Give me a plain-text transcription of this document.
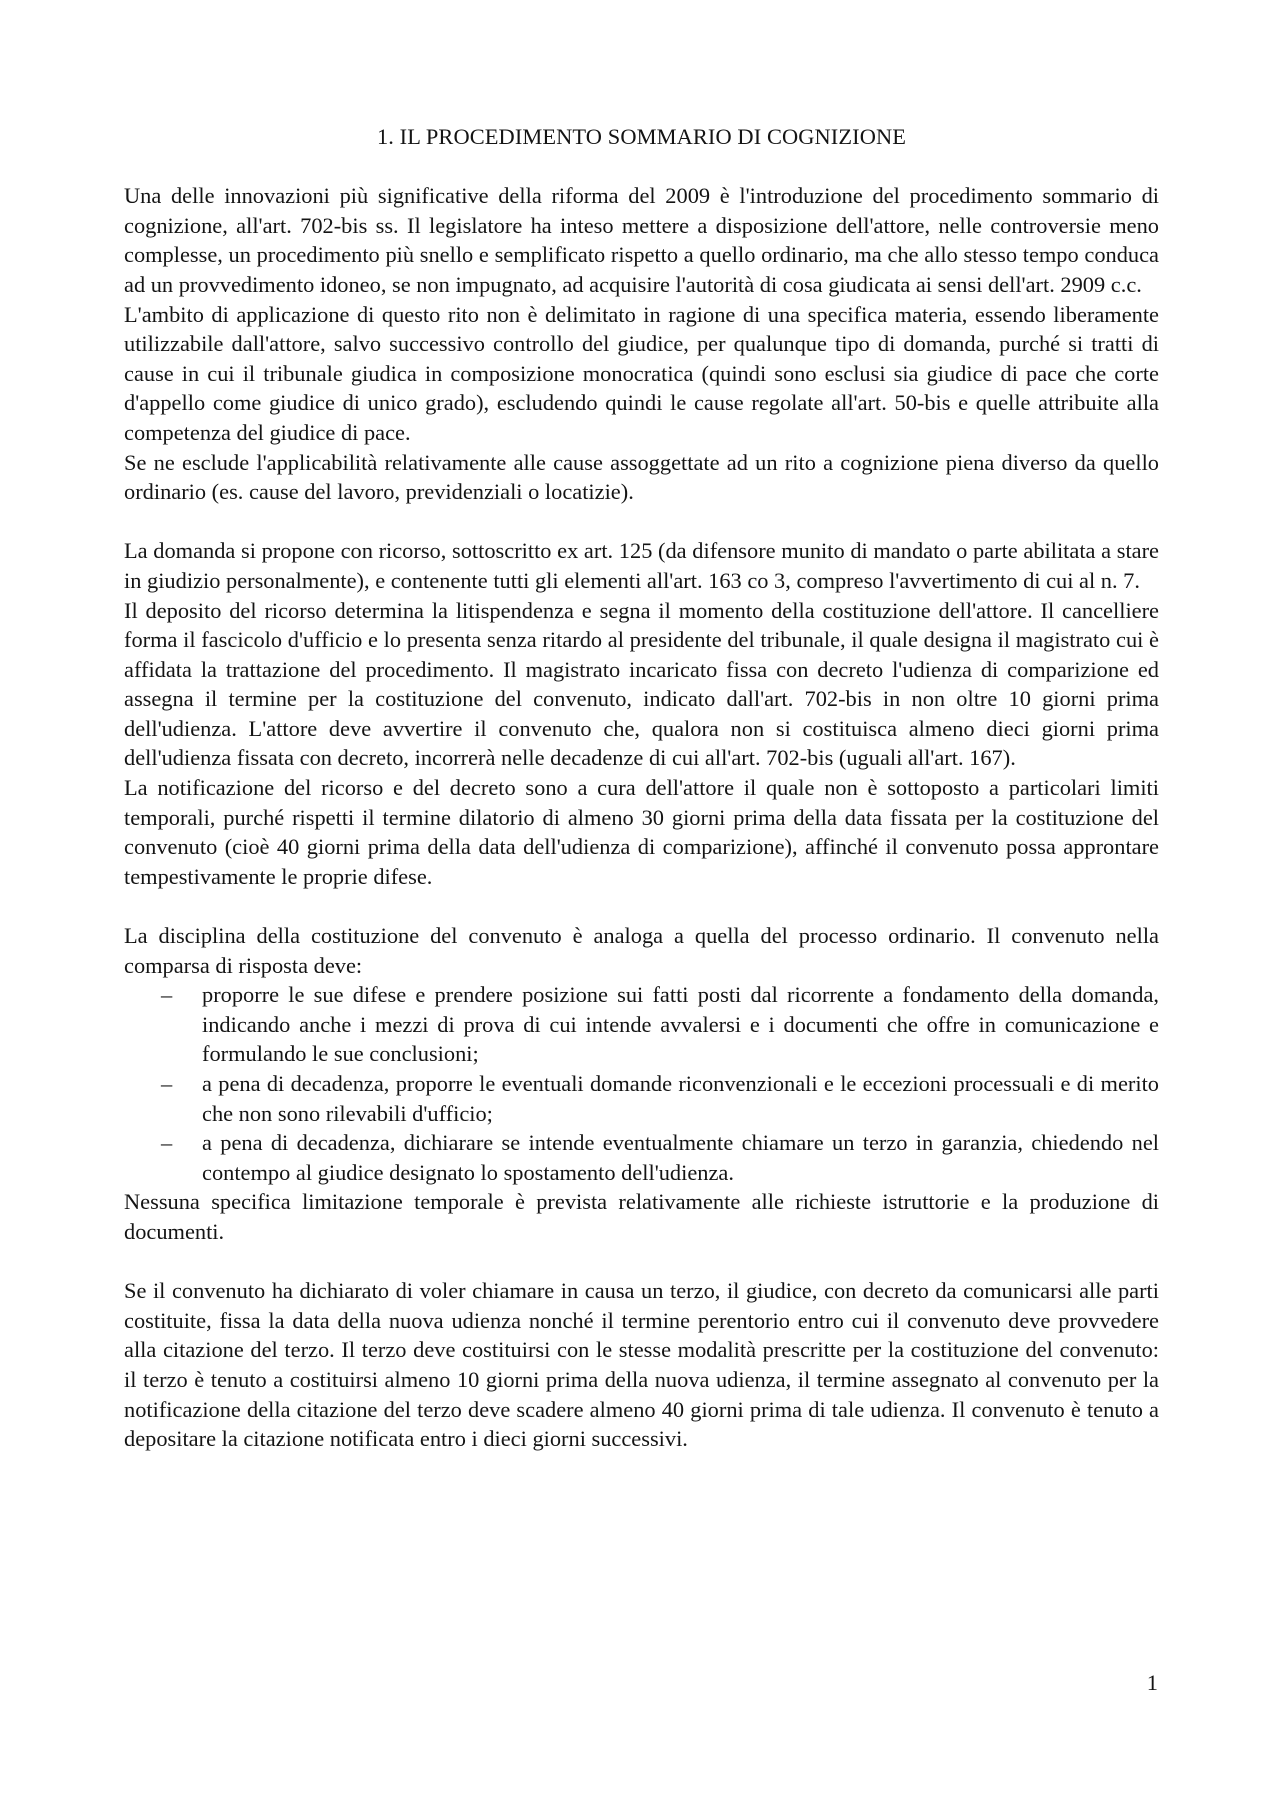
1. IL PROCEDIMENTO SOMMARIO DI COGNIZIONE

Una delle innovazioni più significative della riforma del 2009 è l'introduzione del procedimento sommario di cognizione, all'art. 702-bis ss. Il legislatore ha inteso mettere a disposizione dell'attore, nelle controversie meno complesse, un procedimento più snello e semplificato rispetto a quello ordinario, ma che allo stesso tempo conduca ad un provvedimento idoneo, se non impugnato, ad acquisire l'autorità di cosa giudicata ai sensi dell'art. 2909 c.c.

L'ambito di applicazione di questo rito non è delimitato in ragione di una specifica materia, essendo liberamente utilizzabile dall'attore, salvo successivo controllo del giudice, per qualunque tipo di domanda, purché si tratti di cause in cui il tribunale giudica in composizione monocratica (quindi sono esclusi sia giudice di pace che corte d'appello come giudice di unico grado), escludendo quindi le cause regolate all'art. 50-bis e quelle attribuite alla competenza del giudice di pace.

Se ne esclude l'applicabilità relativamente alle cause assoggettate ad un rito a cognizione piena diverso da quello ordinario (es. cause del lavoro, previdenziali o locatizie).

La domanda si propone con ricorso, sottoscritto ex art. 125 (da difensore munito di mandato o parte abilitata a stare in giudizio personalmente), e contenente tutti gli elementi all'art. 163 co 3, compreso l'avvertimento di cui al n. 7.

Il deposito del ricorso determina la litispendenza e segna il momento della costituzione dell'attore. Il cancelliere forma il fascicolo d'ufficio e lo presenta senza ritardo al presidente del tribunale, il quale designa il magistrato cui è affidata la trattazione del procedimento. Il magistrato incaricato fissa con decreto l'udienza di comparizione ed assegna il termine per la costituzione del convenuto, indicato dall'art. 702-bis in non oltre 10 giorni prima dell'udienza. L'attore deve avvertire il convenuto che, qualora non si costituisca almeno dieci giorni prima dell'udienza fissata con decreto, incorrerà nelle decadenze di cui all'art. 702-bis (uguali all'art. 167).

La notificazione del ricorso e del decreto sono a cura dell'attore il quale non è sottoposto a particolari limiti temporali, purché rispetti il termine dilatorio di almeno 30 giorni prima della data fissata per la costituzione del convenuto (cioè 40 giorni prima della data dell'udienza di comparizione), affinché il convenuto possa approntare tempestivamente le proprie difese.

La disciplina della costituzione del convenuto è analoga a quella del processo ordinario. Il convenuto nella comparsa di risposta deve:

– proporre le sue difese e prendere posizione sui fatti posti dal ricorrente a fondamento della domanda, indicando anche i mezzi di prova di cui intende avvalersi e i documenti che offre in comunicazione e formulando le sue conclusioni;
– a pena di decadenza, proporre le eventuali domande riconvenzionali e le eccezioni processuali e di merito che non sono rilevabili d'ufficio;
– a pena di decadenza, dichiarare se intende eventualmente chiamare un terzo in garanzia, chiedendo nel contempo al giudice designato lo spostamento dell'udienza.

Nessuna specifica limitazione temporale è prevista relativamente alle richieste istruttorie e la produzione di documenti.

Se il convenuto ha dichiarato di voler chiamare in causa un terzo, il giudice, con decreto da comunicarsi alle parti costituite, fissa la data della nuova udienza nonché il termine perentorio entro cui il convenuto deve provvedere alla citazione del terzo. Il terzo deve costituirsi con le stesse modalità prescritte per la costituzione del convenuto: il terzo è tenuto a costituirsi almeno 10 giorni prima della nuova udienza, il termine assegnato al convenuto per la notificazione della citazione del terzo deve scadere almeno 40 giorni prima di tale udienza. Il convenuto è tenuto a depositare la citazione notificata entro i dieci giorni successivi.

1
